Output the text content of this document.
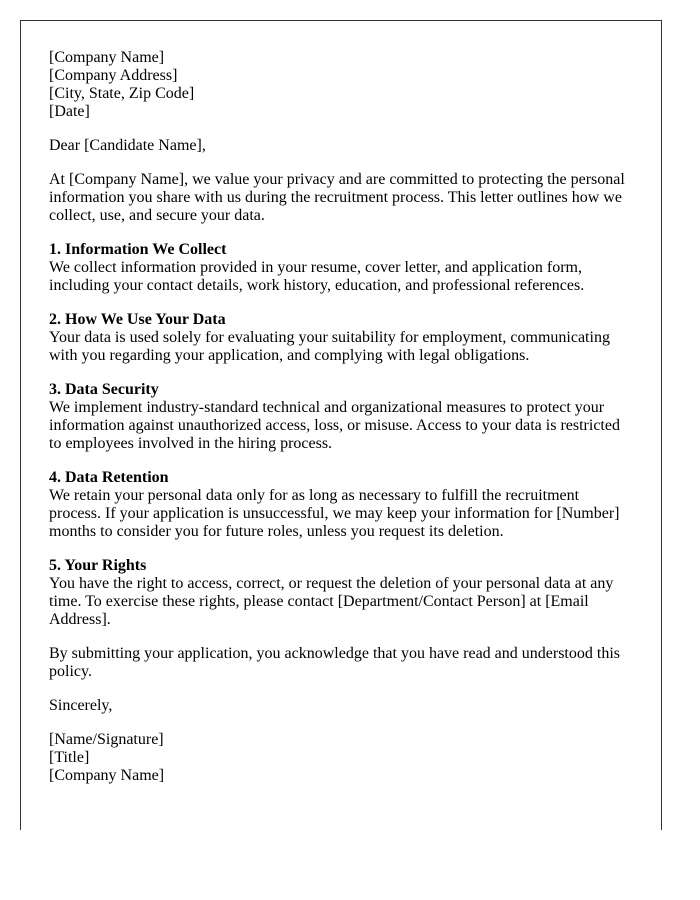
[Company Name]
[Company Address]
[City, State, Zip Code]
[Date]

Dear [Candidate Name],

At [Company Name], we value your privacy and are committed to protecting the personal information you share with us during the recruitment process. This letter outlines how we collect, use, and secure your data.

1. Information We Collect
We collect information provided in your resume, cover letter, and application form, including your contact details, work history, education, and professional references.

2. How We Use Your Data
Your data is used solely for evaluating your suitability for employment, communicating with you regarding your application, and complying with legal obligations.

3. Data Security
We implement industry-standard technical and organizational measures to protect your information against unauthorized access, loss, or misuse. Access to your data is restricted to employees involved in the hiring process.

4. Data Retention
We retain your personal data only for as long as necessary to fulfill the recruitment process. If your application is unsuccessful, we may keep your information for [Number] months to consider you for future roles, unless you request its deletion.

5. Your Rights
You have the right to access, correct, or request the deletion of your personal data at any time. To exercise these rights, please contact [Department/Contact Person] at [Email Address].

By submitting your application, you acknowledge that you have read and understood this policy.

Sincerely,

[Name/Signature]
[Title]
[Company Name]
